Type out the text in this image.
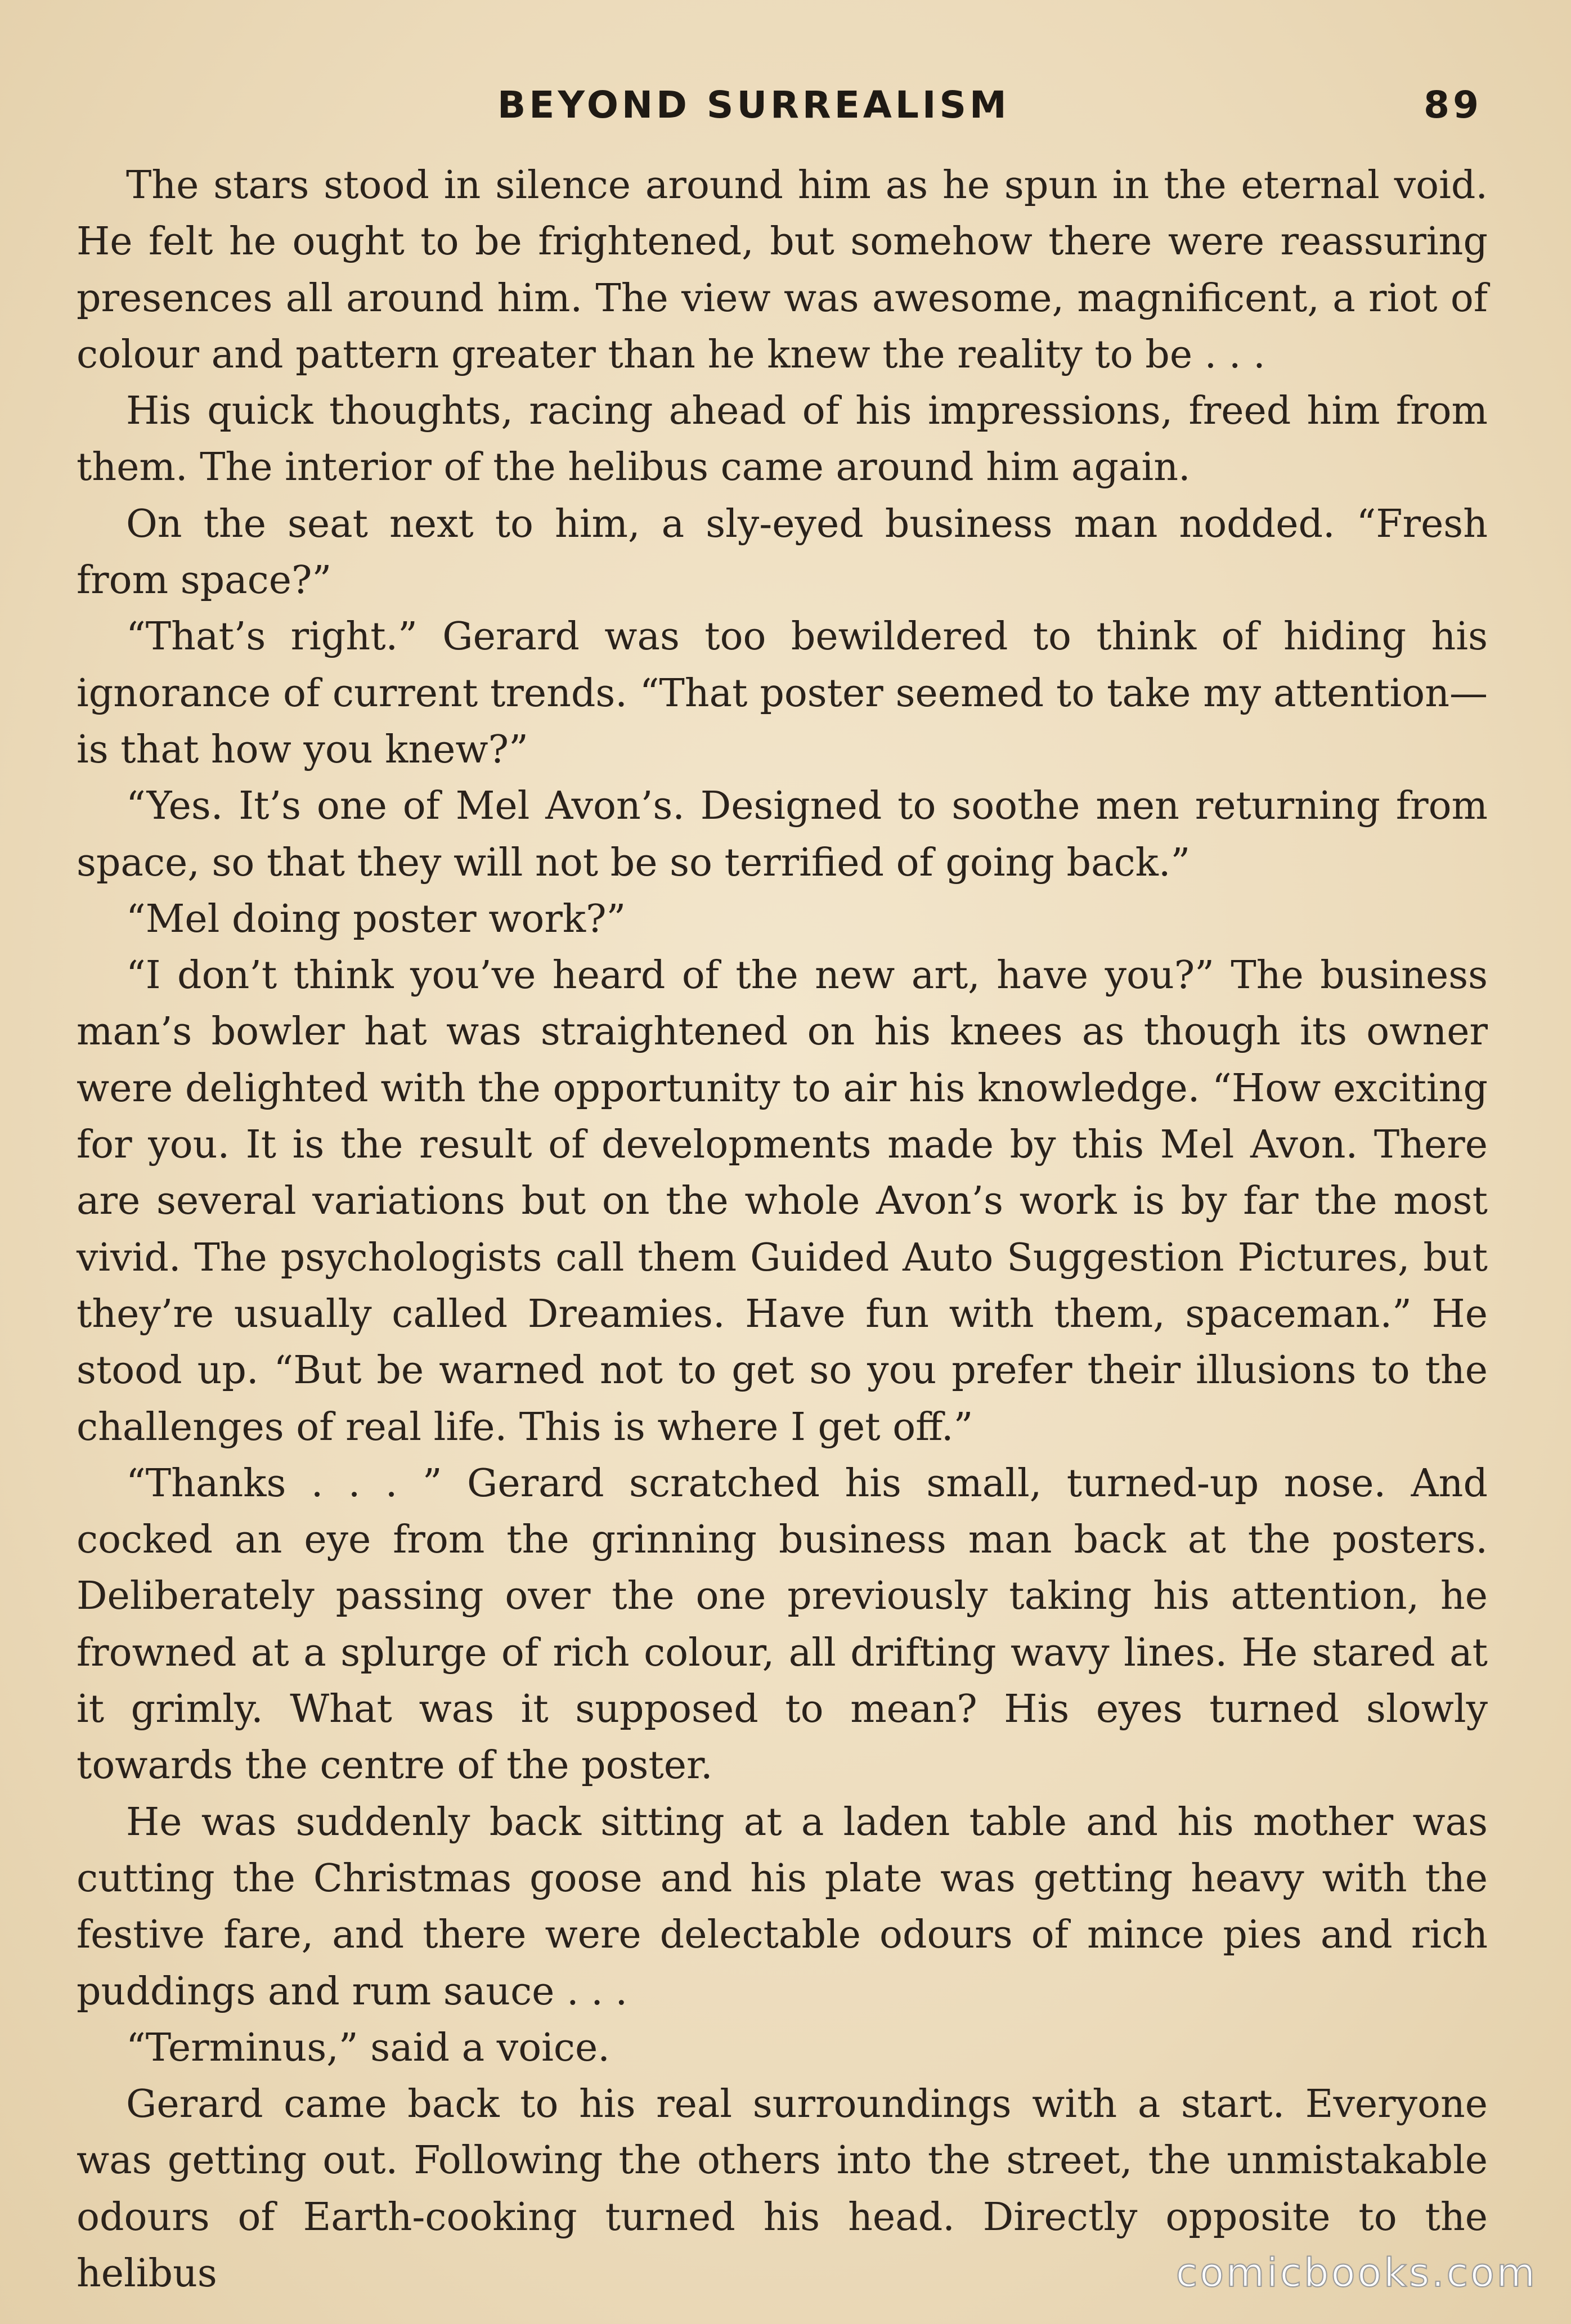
BEYOND SURREALISM	89

The stars stood in silence around him as he spun in the eternal void. He felt he ought to be frightened, but somehow there were reassuring presences all around him. The view was awesome, magnificent, a riot of colour and pattern greater than he knew the reality to be . . .

His quick thoughts, racing ahead of his impressions, freed him from them. The interior of the helibus came around him again.

On the seat next to him, a sly-eyed business man nodded. “Fresh from space?”

“That’s right.” Gerard was too bewildered to think of hiding his ignorance of current trends. “That poster seemed to take my attention—is that how you knew?”

“Yes. It’s one of Mel Avon’s. Designed to soothe men returning from space, so that they will not be so terrified of going back.”

“Mel doing poster work?”

“I don’t think you’ve heard of the new art, have you?” The business man’s bowler hat was straightened on his knees as though its owner were delighted with the opportunity to air his knowledge. “How exciting for you. It is the result of developments made by this Mel Avon. There are several variations but on the whole Avon’s work is by far the most vivid. The psychologists call them Guided Auto Suggestion Pictures, but they’re usually called Dreamies. Have fun with them, spaceman.” He stood up. “But be warned not to get so you prefer their illusions to the challenges of real life. This is where I get off.”

“Thanks . . . ” Gerard scratched his small, turned-up nose. And cocked an eye from the grinning business man back at the posters. Deliberately passing over the one previously taking his attention, he frowned at a splurge of rich colour, all drifting wavy lines. He stared at it grimly. What was it supposed to mean? His eyes turned slowly towards the centre of the poster.

He was suddenly back sitting at a laden table and his mother was cutting the Christmas goose and his plate was getting heavy with the festive fare, and there were delectable odours of mince pies and rich puddings and rum sauce . . .

“Terminus,” said a voice.

Gerard came back to his real surroundings with a start. Everyone was getting out. Following the others into the street, the unmistakable odours of Earth-cooking turned his head. Directly opposite to the helibus	comicbooks.com
